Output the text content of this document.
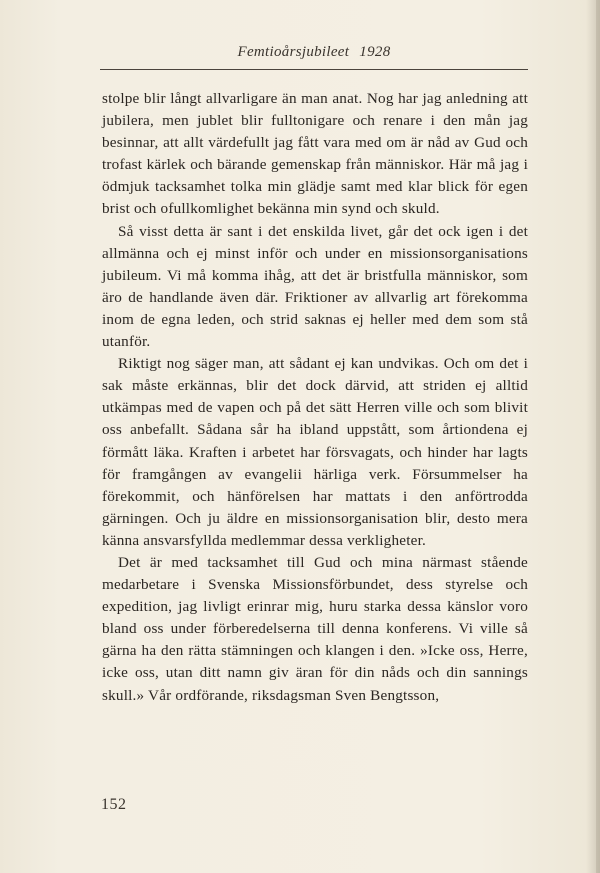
Femtioårsjubileet 1928

stolpe blir långt allvarligare än man anat. Nog har jag anledning att jubilera, men jublet blir fulltonigare och renare i den mån jag besinnar, att allt värdefullt jag fått vara med om är nåd av Gud och trofast kärlek och bärande gemenskap från människor. Här må jag i ödmjuk tacksamhet tolka min glädje samt med klar blick för egen brist och ofullkomlighet bekänna min synd och skuld.

Så visst detta är sant i det enskilda livet, går det ock igen i det allmänna och ej minst inför och under en missionsorganisations jubileum. Vi må komma ihåg, att det är bristfulla människor, som äro de handlande även där. Friktioner av allvarlig art förekomma inom de egna leden, och strid saknas ej heller med dem som stå utanför.

Riktigt nog säger man, att sådant ej kan undvikas. Och om det i sak måste erkännas, blir det dock därvid, att striden ej alltid utkämpas med de vapen och på det sätt Herren ville och som blivit oss anbefallt. Sådana sår ha ibland uppstått, som årtiondena ej förmått läka. Kraften i arbetet har försvagats, och hinder har lagts för framgången av evangelii härliga verk. Försummelser ha förekommit, och hänförelsen har mattats i den anförtrodda gärningen. Och ju äldre en missionsorganisation blir, desto mera känna ansvarsfyllda medlemmar dessa verkligheter.

Det är med tacksamhet till Gud och mina närmast stående medarbetare i Svenska Missionsförbundet, dess styrelse och expedition, jag livligt erinrar mig, huru starka dessa känslor voro bland oss under förberedelserna till denna konferens. Vi ville så gärna ha den rätta stämningen och klangen i den. »Icke oss, Herre, icke oss, utan ditt namn giv äran för din nåds och din sannings skull.» Vår ordförande, riksdagsman Sven Bengtsson,

152
